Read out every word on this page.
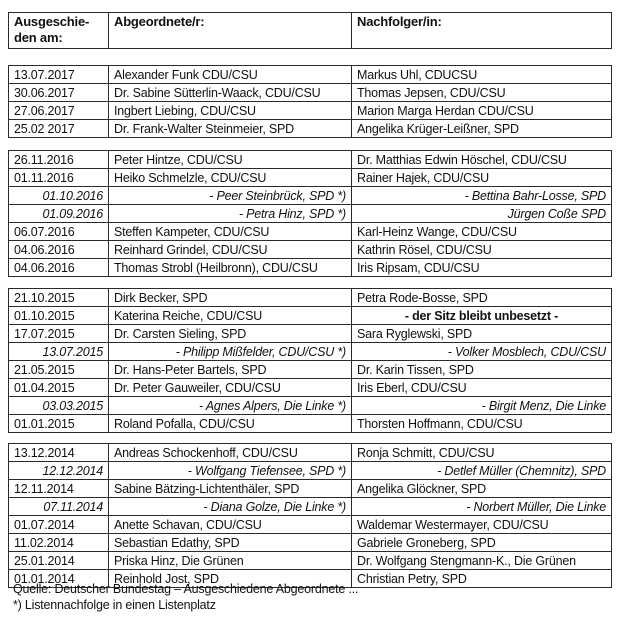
Ausgeschie-
den am:	Abgeordnete/r:	Nachfolger/in:
13.07.2017	Alexander Funk CDU/CSU	Markus Uhl, CDUCSU
30.06.2017	Dr. Sabine Sütterlin-Waack, CDU/CSU	Thomas Jepsen, CDU/CSU
27.06.2017	Ingbert Liebing, CDU/CSU	Marion Marga Herdan CDU/CSU
25.02 2017	Dr. Frank-Walter Steinmeier, SPD	Angelika Krüger-Leißner, SPD
26.11.2016	Peter Hintze, CDU/CSU	Dr. Matthias Edwin Höschel, CDU/CSU
01.11.2016	Heiko Schmelzle, CDU/CSU	Rainer Hajek, CDU/CSU
01.10.2016	- Peer Steinbrück, SPD *)	- Bettina Bahr-Losse, SPD
01.09.2016	- Petra Hinz, SPD *)	Jürgen Coße SPD
06.07.2016	Steffen Kampeter, CDU/CSU	Karl-Heinz Wange, CDU/CSU
04.06.2016	Reinhard Grindel, CDU/CSU	Kathrin Rösel, CDU/CSU
04.06.2016	Thomas Strobl (Heilbronn), CDU/CSU	Iris Ripsam, CDU/CSU
21.10.2015	Dirk Becker, SPD	Petra Rode-Bosse, SPD
01.10.2015	Katerina Reiche, CDU/CSU	- der Sitz bleibt unbesetzt -
17.07.2015	Dr. Carsten Sieling, SPD	Sara Ryglewski, SPD
13.07.2015	- Philipp Mißfelder, CDU/CSU *)	- Volker Mosblech, CDU/CSU
21.05.2015	Dr. Hans-Peter Bartels, SPD	Dr. Karin Tissen, SPD
01.04.2015	Dr. Peter Gauweiler, CDU/CSU	Iris Eberl, CDU/CSU
03.03.2015	- Agnes Alpers, Die Linke *)	- Birgit Menz, Die Linke
01.01.2015	Roland Pofalla, CDU/CSU	Thorsten Hoffmann, CDU/CSU
13.12.2014	Andreas Schockenhoff, CDU/CSU	Ronja Schmitt, CDU/CSU
12.12.2014	- Wolfgang Tiefensee, SPD *)	- Detlef Müller (Chemnitz), SPD
12.11.2014	Sabine Bätzing-Lichtenthäler, SPD	Angelika Glöckner, SPD
07.11.2014	- Diana Golze, Die Linke *)	- Norbert Müller, Die Linke
01.07.2014	Anette Schavan, CDU/CSU	Waldemar Westermayer, CDU/CSU
11.02.2014	Sebastian Edathy, SPD	Gabriele Groneberg, SPD
25.01.2014	Priska Hinz, Die Grünen	Dr. Wolfgang Stengmann-K., Die Grünen
01.01.2014	Reinhold Jost, SPD	Christian Petry, SPD
Quelle: Deutscher Bundestag – Ausgeschiedene Abgeordnete ...
*) Listennachfolge in einen Listenplatz
